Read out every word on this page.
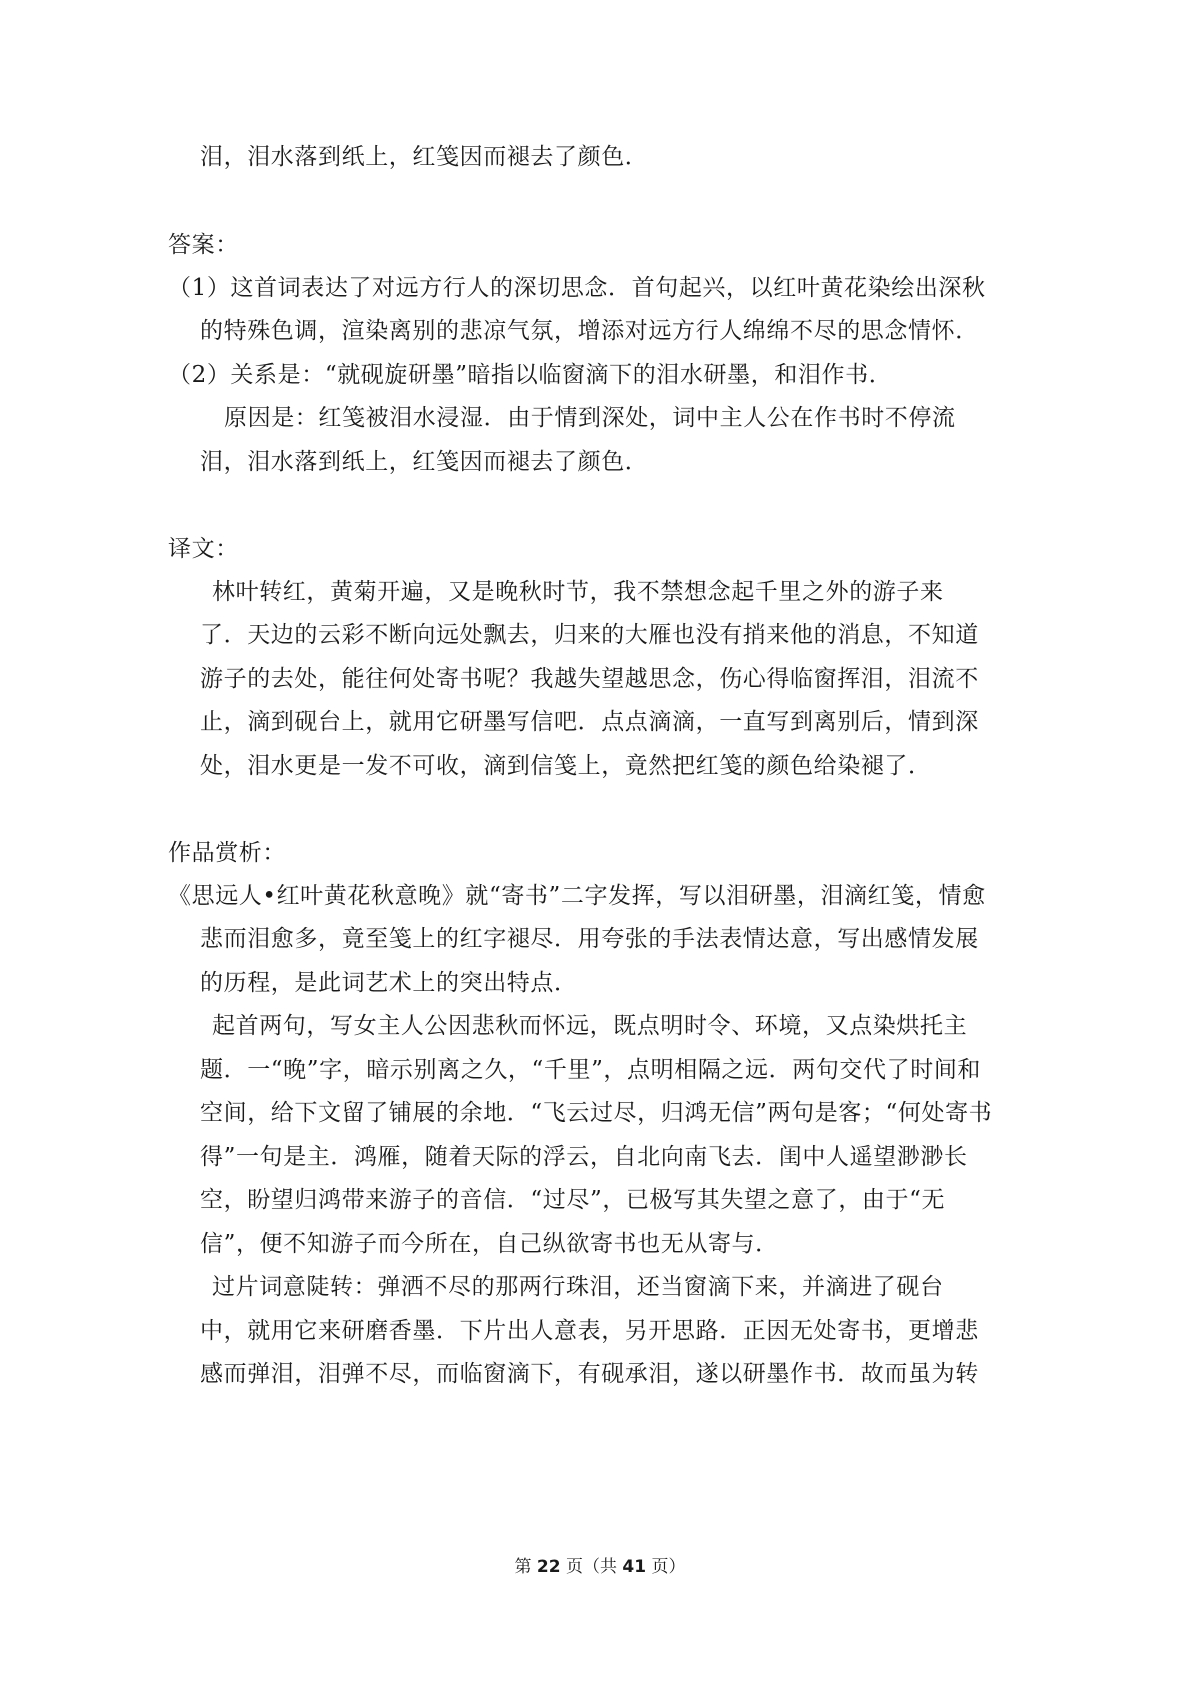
泪，泪水落到纸上，红笺因而褪去了颜色．
答案：
（1）这首词表达了对远方行人的深切思念．首句起兴，以红叶黄花染绘出深秋
的特殊色调，渲染离别的悲凉气氛，增添对远方行人绵绵不尽的思念情怀．
（2）关系是：“就砚旋研墨”暗指以临窗滴下的泪水研墨，和泪作书．
原因是：红笺被泪水浸湿．由于情到深处，词中主人公在作书时不停流
泪，泪水落到纸上，红笺因而褪去了颜色．
译文：
林叶转红，黄菊开遍，又是晚秋时节，我不禁想念起千里之外的游子来
了．天边的云彩不断向远处飘去，归来的大雁也没有捎来他的消息，不知道
游子的去处，能往何处寄书呢？我越失望越思念，伤心得临窗挥泪，泪流不
止，滴到砚台上，就用它研墨写信吧．点点滴滴，一直写到离别后，情到深
处，泪水更是一发不可收，滴到信笺上，竟然把红笺的颜色给染褪了．
作品赏析：
《思远人•红叶黄花秋意晚》就“寄书”二字发挥，写以泪研墨，泪滴红笺，情愈
悲而泪愈多，竟至笺上的红字褪尽．用夸张的手法表情达意，写出感情发展
的历程，是此词艺术上的突出特点．
起首两句，写女主人公因悲秋而怀远，既点明时令、环境，又点染烘托主
题．一“晚”字，暗示别离之久，“千里”，点明相隔之远．两句交代了时间和
空间，给下文留了铺展的余地．“飞云过尽，归鸿无信”两句是客；“何处寄书
得”一句是主．鸿雁，随着天际的浮云，自北向南飞去．闺中人遥望渺渺长
空，盼望归鸿带来游子的音信．“过尽”，已极写其失望之意了，由于“无
信”，便不知游子而今所在，自己纵欲寄书也无从寄与．
过片词意陡转：弹洒不尽的那两行珠泪，还当窗滴下来，并滴进了砚台
中，就用它来研磨香墨．下片出人意表，另开思路．正因无处寄书，更增悲
感而弹泪，泪弹不尽，而临窗滴下，有砚承泪，遂以研墨作书．故而虽为转
第 22 页（共 41 页）
